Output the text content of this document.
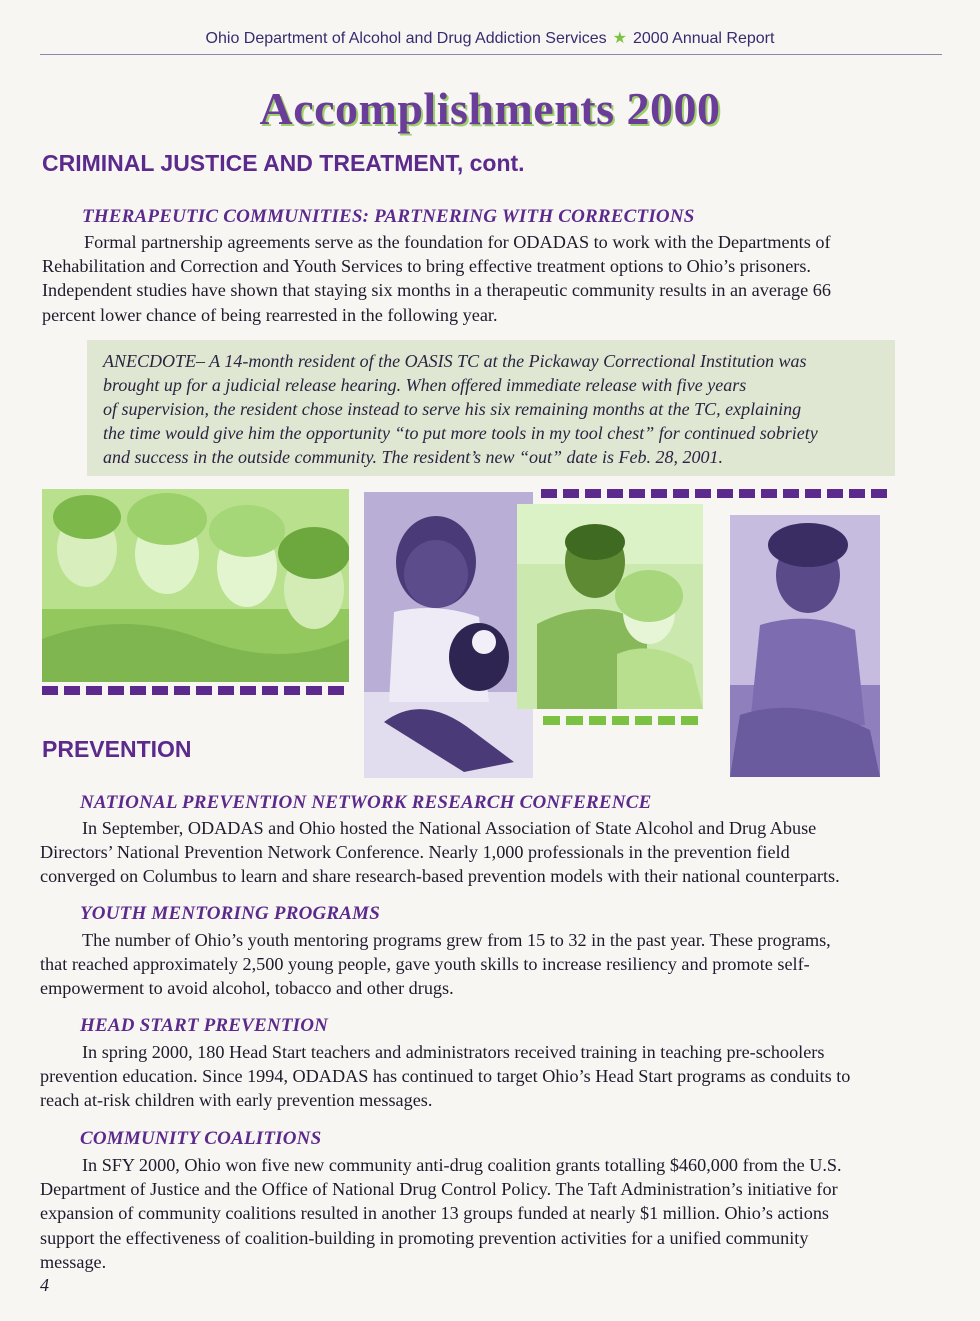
Ohio Department of Alcohol and Drug Addiction Services ★ 2000 Annual Report
Accomplishments 2000
CRIMINAL JUSTICE AND TREATMENT, cont.
THERAPEUTIC COMMUNITIES: PARTNERING WITH CORRECTIONS
Formal partnership agreements serve as the foundation for ODADAS to work with the Departments of
Rehabilitation and Correction and Youth Services to bring effective treatment options to Ohio’s prisoners.
Independent studies have shown that staying six months in a therapeutic community results in an average 66
percent lower chance of being rearrested in the following year.

ANECDOTE– A 14-month resident of the OASIS TC at the Pickaway Correctional Institution was
brought up for a judicial release hearing. When offered immediate release with five years
of supervision, the resident chose instead to serve his six remaining months at the TC, explaining
the time would give him the opportunity “to put more tools in my tool chest” for continued sobriety
and success in the outside community. The resident’s new “out” date is Feb. 28, 2001.

PREVENTION
NATIONAL PREVENTION NETWORK RESEARCH CONFERENCE
In September, ODADAS and Ohio hosted the National Association of State Alcohol and Drug Abuse
Directors’ National Prevention Network Conference. Nearly 1,000 professionals in the prevention field
converged on Columbus to learn and share research-based prevention models with their national counterparts.
YOUTH MENTORING PROGRAMS
The number of Ohio’s youth mentoring programs grew from 15 to 32 in the past year. These programs,
that reached approximately 2,500 young people, gave youth skills to increase resiliency and promote self-
empowerment to avoid alcohol, tobacco and other drugs.
HEAD START PREVENTION
In spring 2000, 180 Head Start teachers and administrators received training in teaching pre-schoolers
prevention education. Since 1994, ODADAS has continued to target Ohio’s Head Start programs as conduits to
reach at-risk children with early prevention messages.
COMMUNITY COALITIONS
In SFY 2000, Ohio won five new community anti-drug coalition grants totalling $460,000 from the U.S.
Department of Justice and the Office of National Drug Control Policy. The Taft Administration’s initiative for
expansion of community coalitions resulted in another 13 groups funded at nearly $1 million. Ohio’s actions
support the effectiveness of coalition-building in promoting prevention activities for a unified community
message.
4
